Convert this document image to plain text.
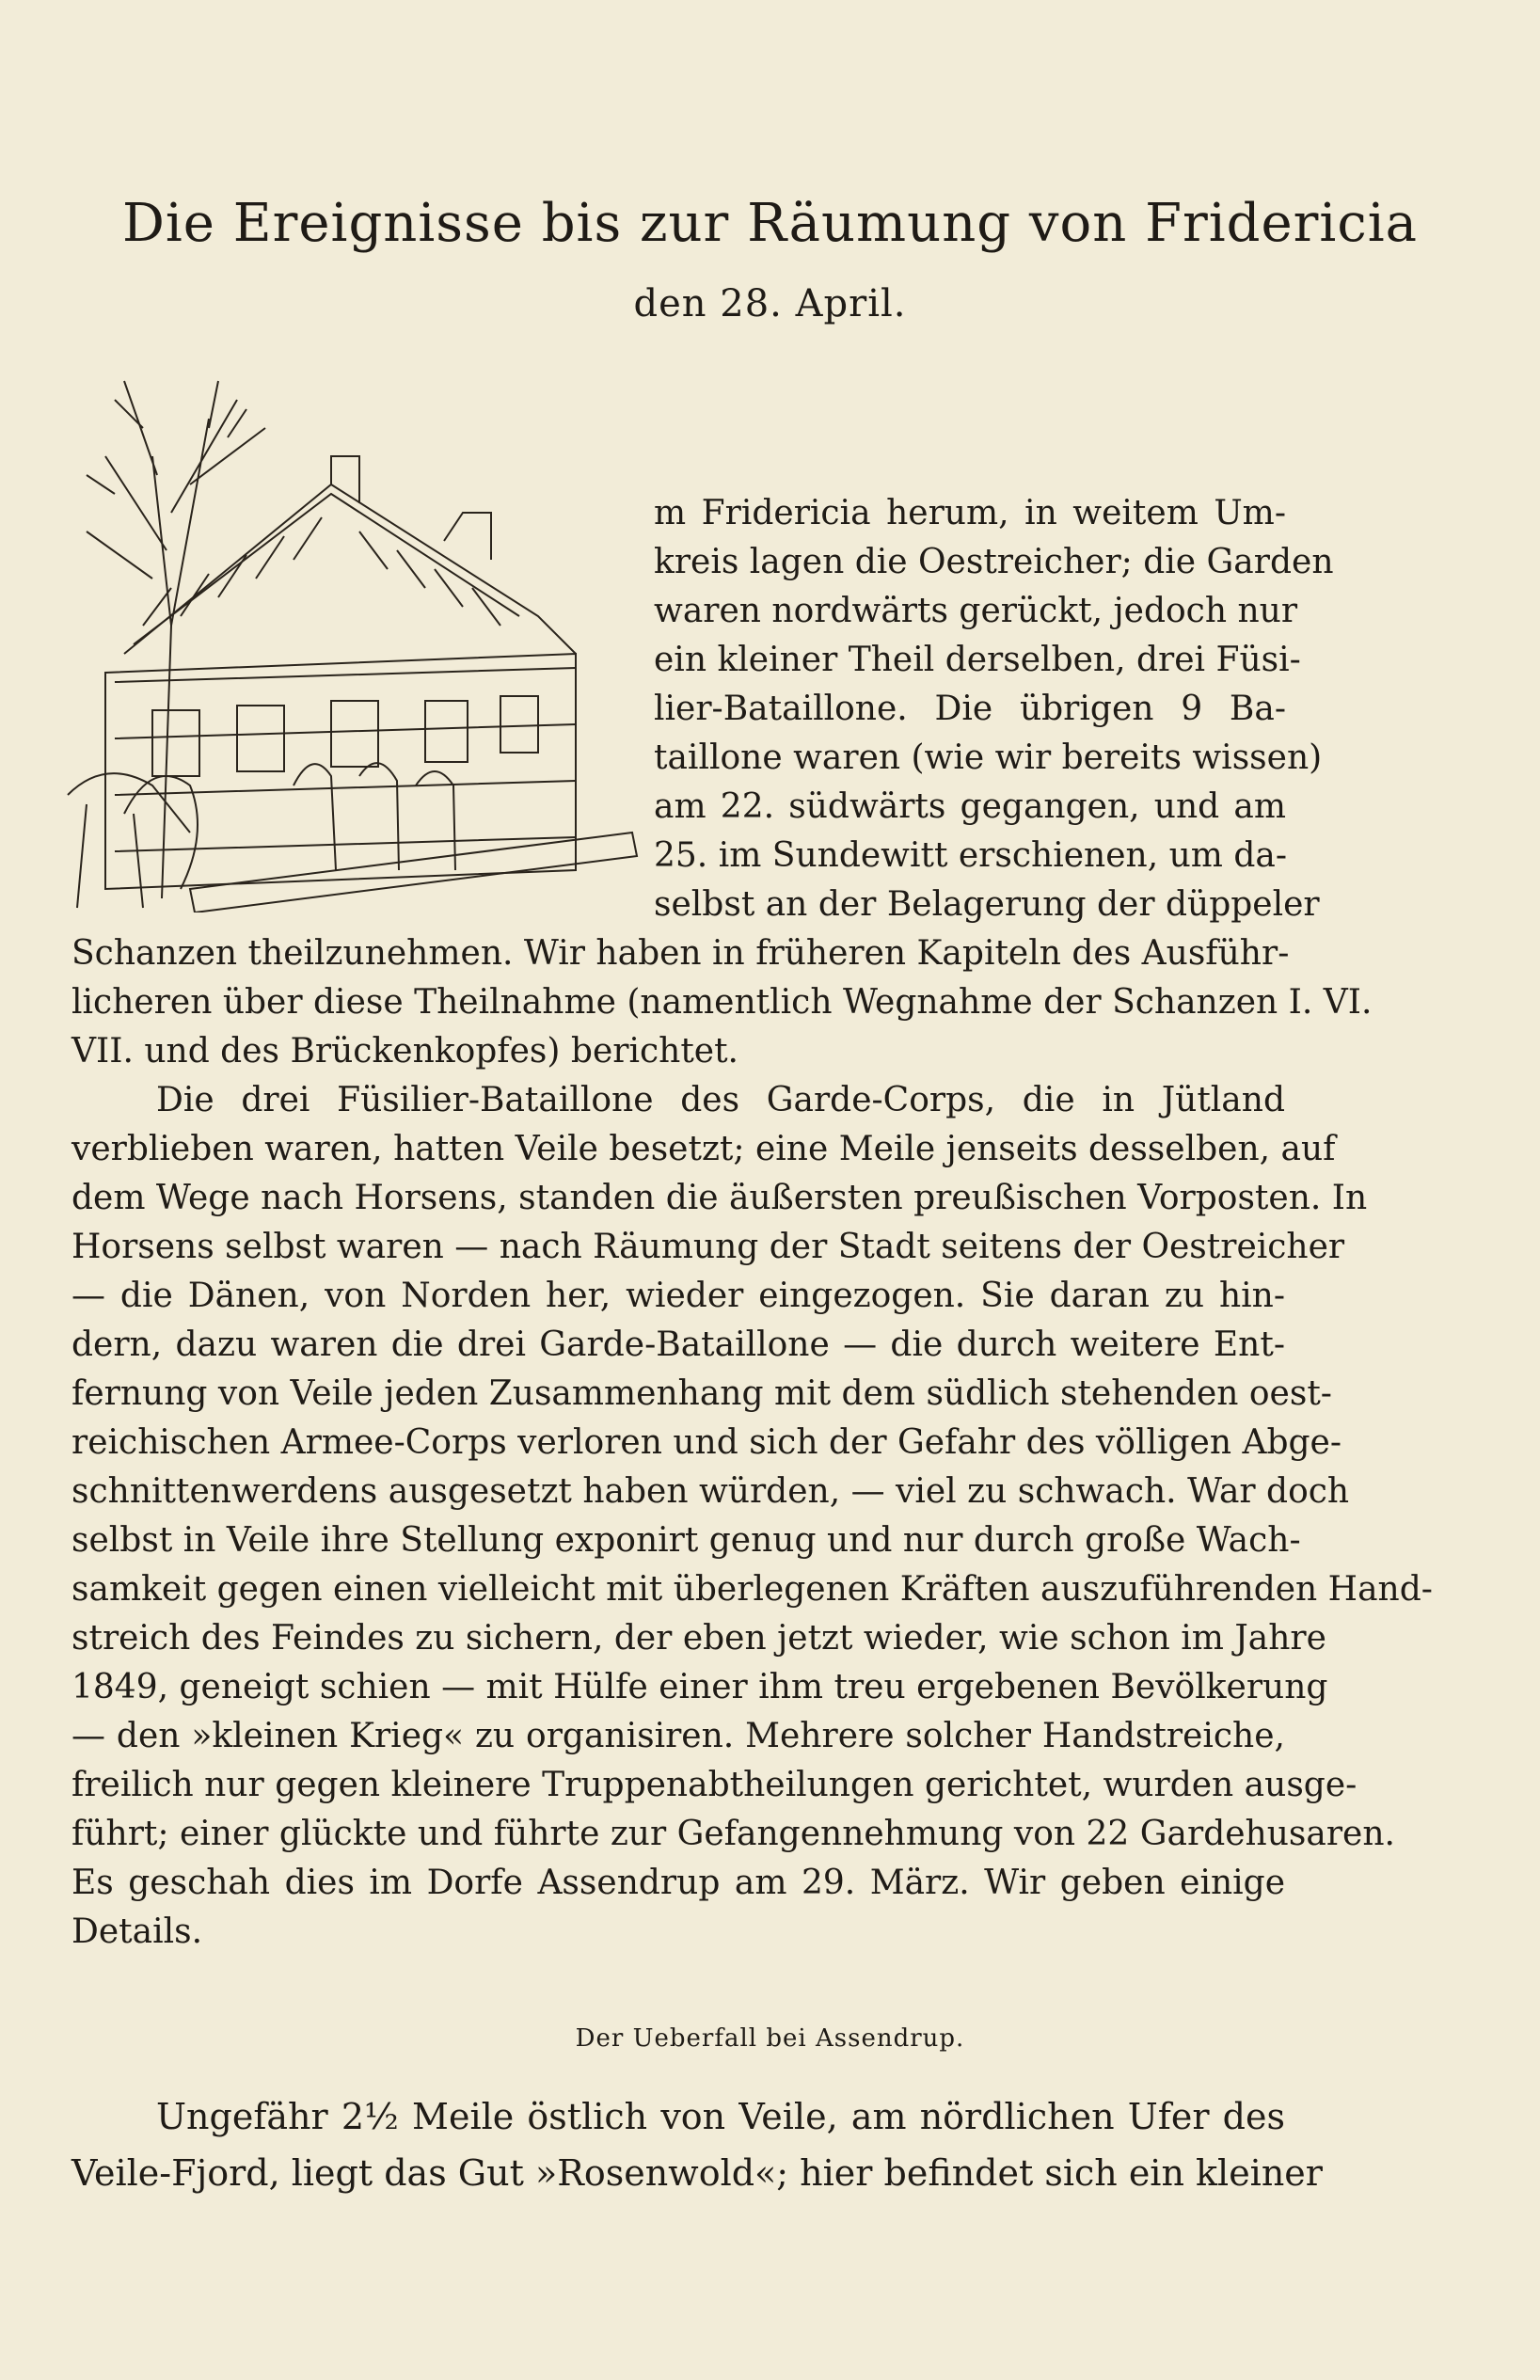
Die Ereignisse bis zur Räumung von Fridericia
den 28. April.
m Fridericia herum, in weitem Um-
kreis lagen die Oestreicher; die Garden
waren nordwärts gerückt, jedoch nur
ein kleiner Theil derselben, drei Füsi-
lier-Bataillone. Die übrigen 9 Ba-
taillone waren (wie wir bereits wissen)
am 22. südwärts gegangen, und am
25. im Sundewitt erschienen, um da-
selbst an der Belagerung der düppeler
Schanzen theilzunehmen. Wir haben in früheren Kapiteln des Ausführ-
licheren über diese Theilnahme (namentlich Wegnahme der Schanzen I. VI.
VII. und des Brückenkopfes) berichtet.
Die drei Füsilier-Bataillone des Garde-Corps, die in Jütland
verblieben waren, hatten Veile besetzt; eine Meile jenseits desselben, auf
dem Wege nach Horsens, standen die äußersten preußischen Vorposten. In
Horsens selbst waren — nach Räumung der Stadt seitens der Oestreicher
— die Dänen, von Norden her, wieder eingezogen. Sie daran zu hin-
dern, dazu waren die drei Garde-Bataillone — die durch weitere Ent-
fernung von Veile jeden Zusammenhang mit dem südlich stehenden oest-
reichischen Armee-Corps verloren und sich der Gefahr des völligen Abge-
schnittenwerdens ausgesetzt haben würden, — viel zu schwach. War doch
selbst in Veile ihre Stellung exponirt genug und nur durch große Wach-
samkeit gegen einen vielleicht mit überlegenen Kräften auszuführenden Hand-
streich des Feindes zu sichern, der eben jetzt wieder, wie schon im Jahre
1849, geneigt schien — mit Hülfe einer ihm treu ergebenen Bevölkerung
— den »kleinen Krieg« zu organisiren. Mehrere solcher Handstreiche,
freilich nur gegen kleinere Truppenabtheilungen gerichtet, wurden ausge-
führt; einer glückte und führte zur Gefangennehmung von 22 Gardehusaren.
Es geschah dies im Dorfe Assendrup am 29. März. Wir geben einige
Details.
Der Ueberfall bei Assendrup.
Ungefähr 2½ Meile östlich von Veile, am nördlichen Ufer des
Veile-Fjord, liegt das Gut »Rosenwold«; hier befindet sich ein kleiner
